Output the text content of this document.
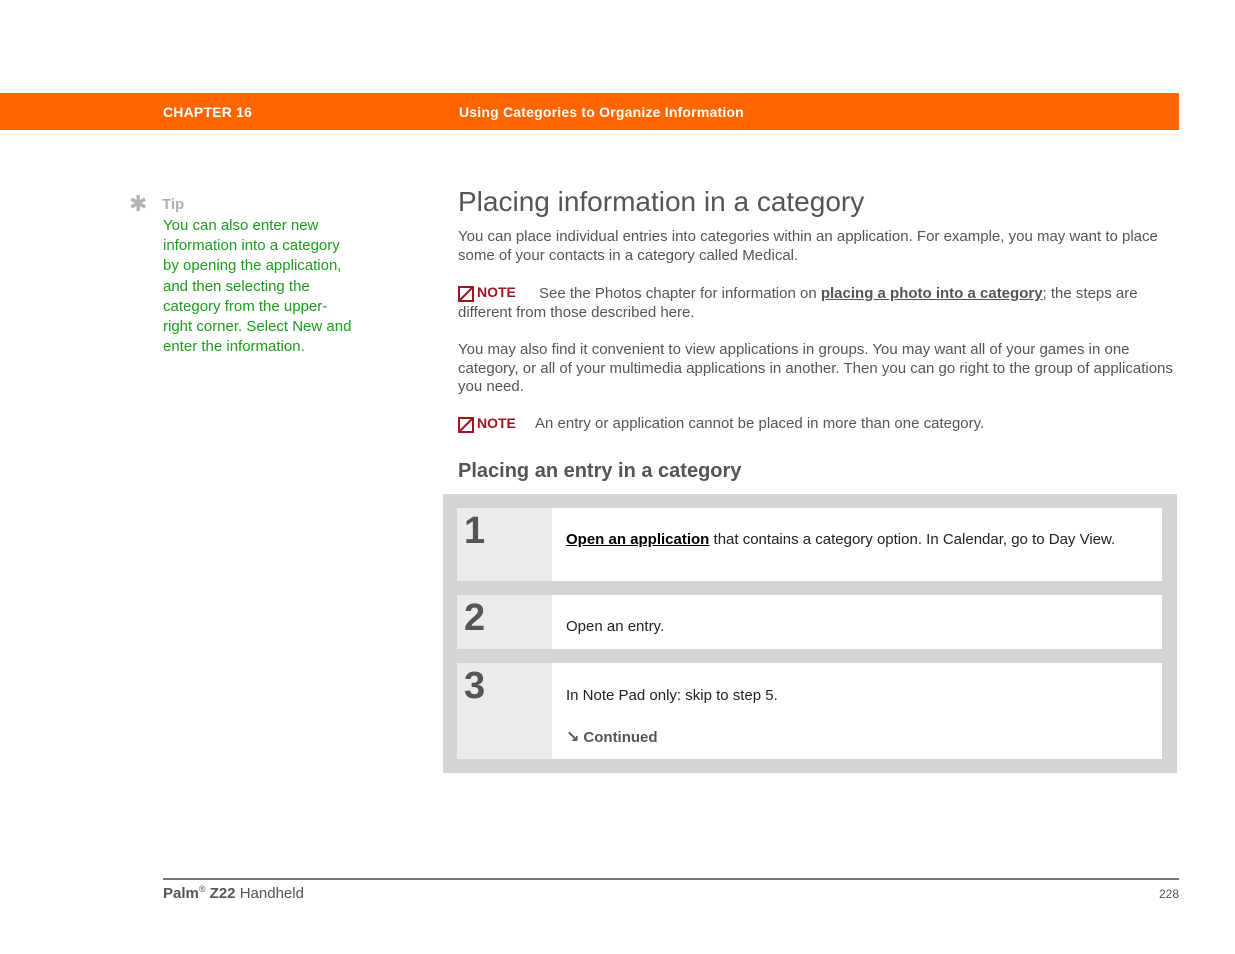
CHAPTER 16	Using Categories to Organize Information
✱ Tip
You can also enter new information into a category by opening the application, and then selecting the category from the upper-right corner. Select New and enter the information.
Placing information in a category
You can place individual entries into categories within an application. For example, you may want to place some of your contacts in a category called Medical.
NOTE	See the Photos chapter for information on placing a photo into a category; the steps are different from those described here.
You may also find it convenient to view applications in groups. You may want all of your games in one category, or all of your multimedia applications in another. Then you can go right to the group of applications you need.
NOTE An entry or application cannot be placed in more than one category.
Placing an entry in a category
1	Open an application that contains a category option. In Calendar, go to Day View.
2	Open an entry.
3	In Note Pad only: skip to step 5.
↘ Continued
Palm® Z22 Handheld	228
